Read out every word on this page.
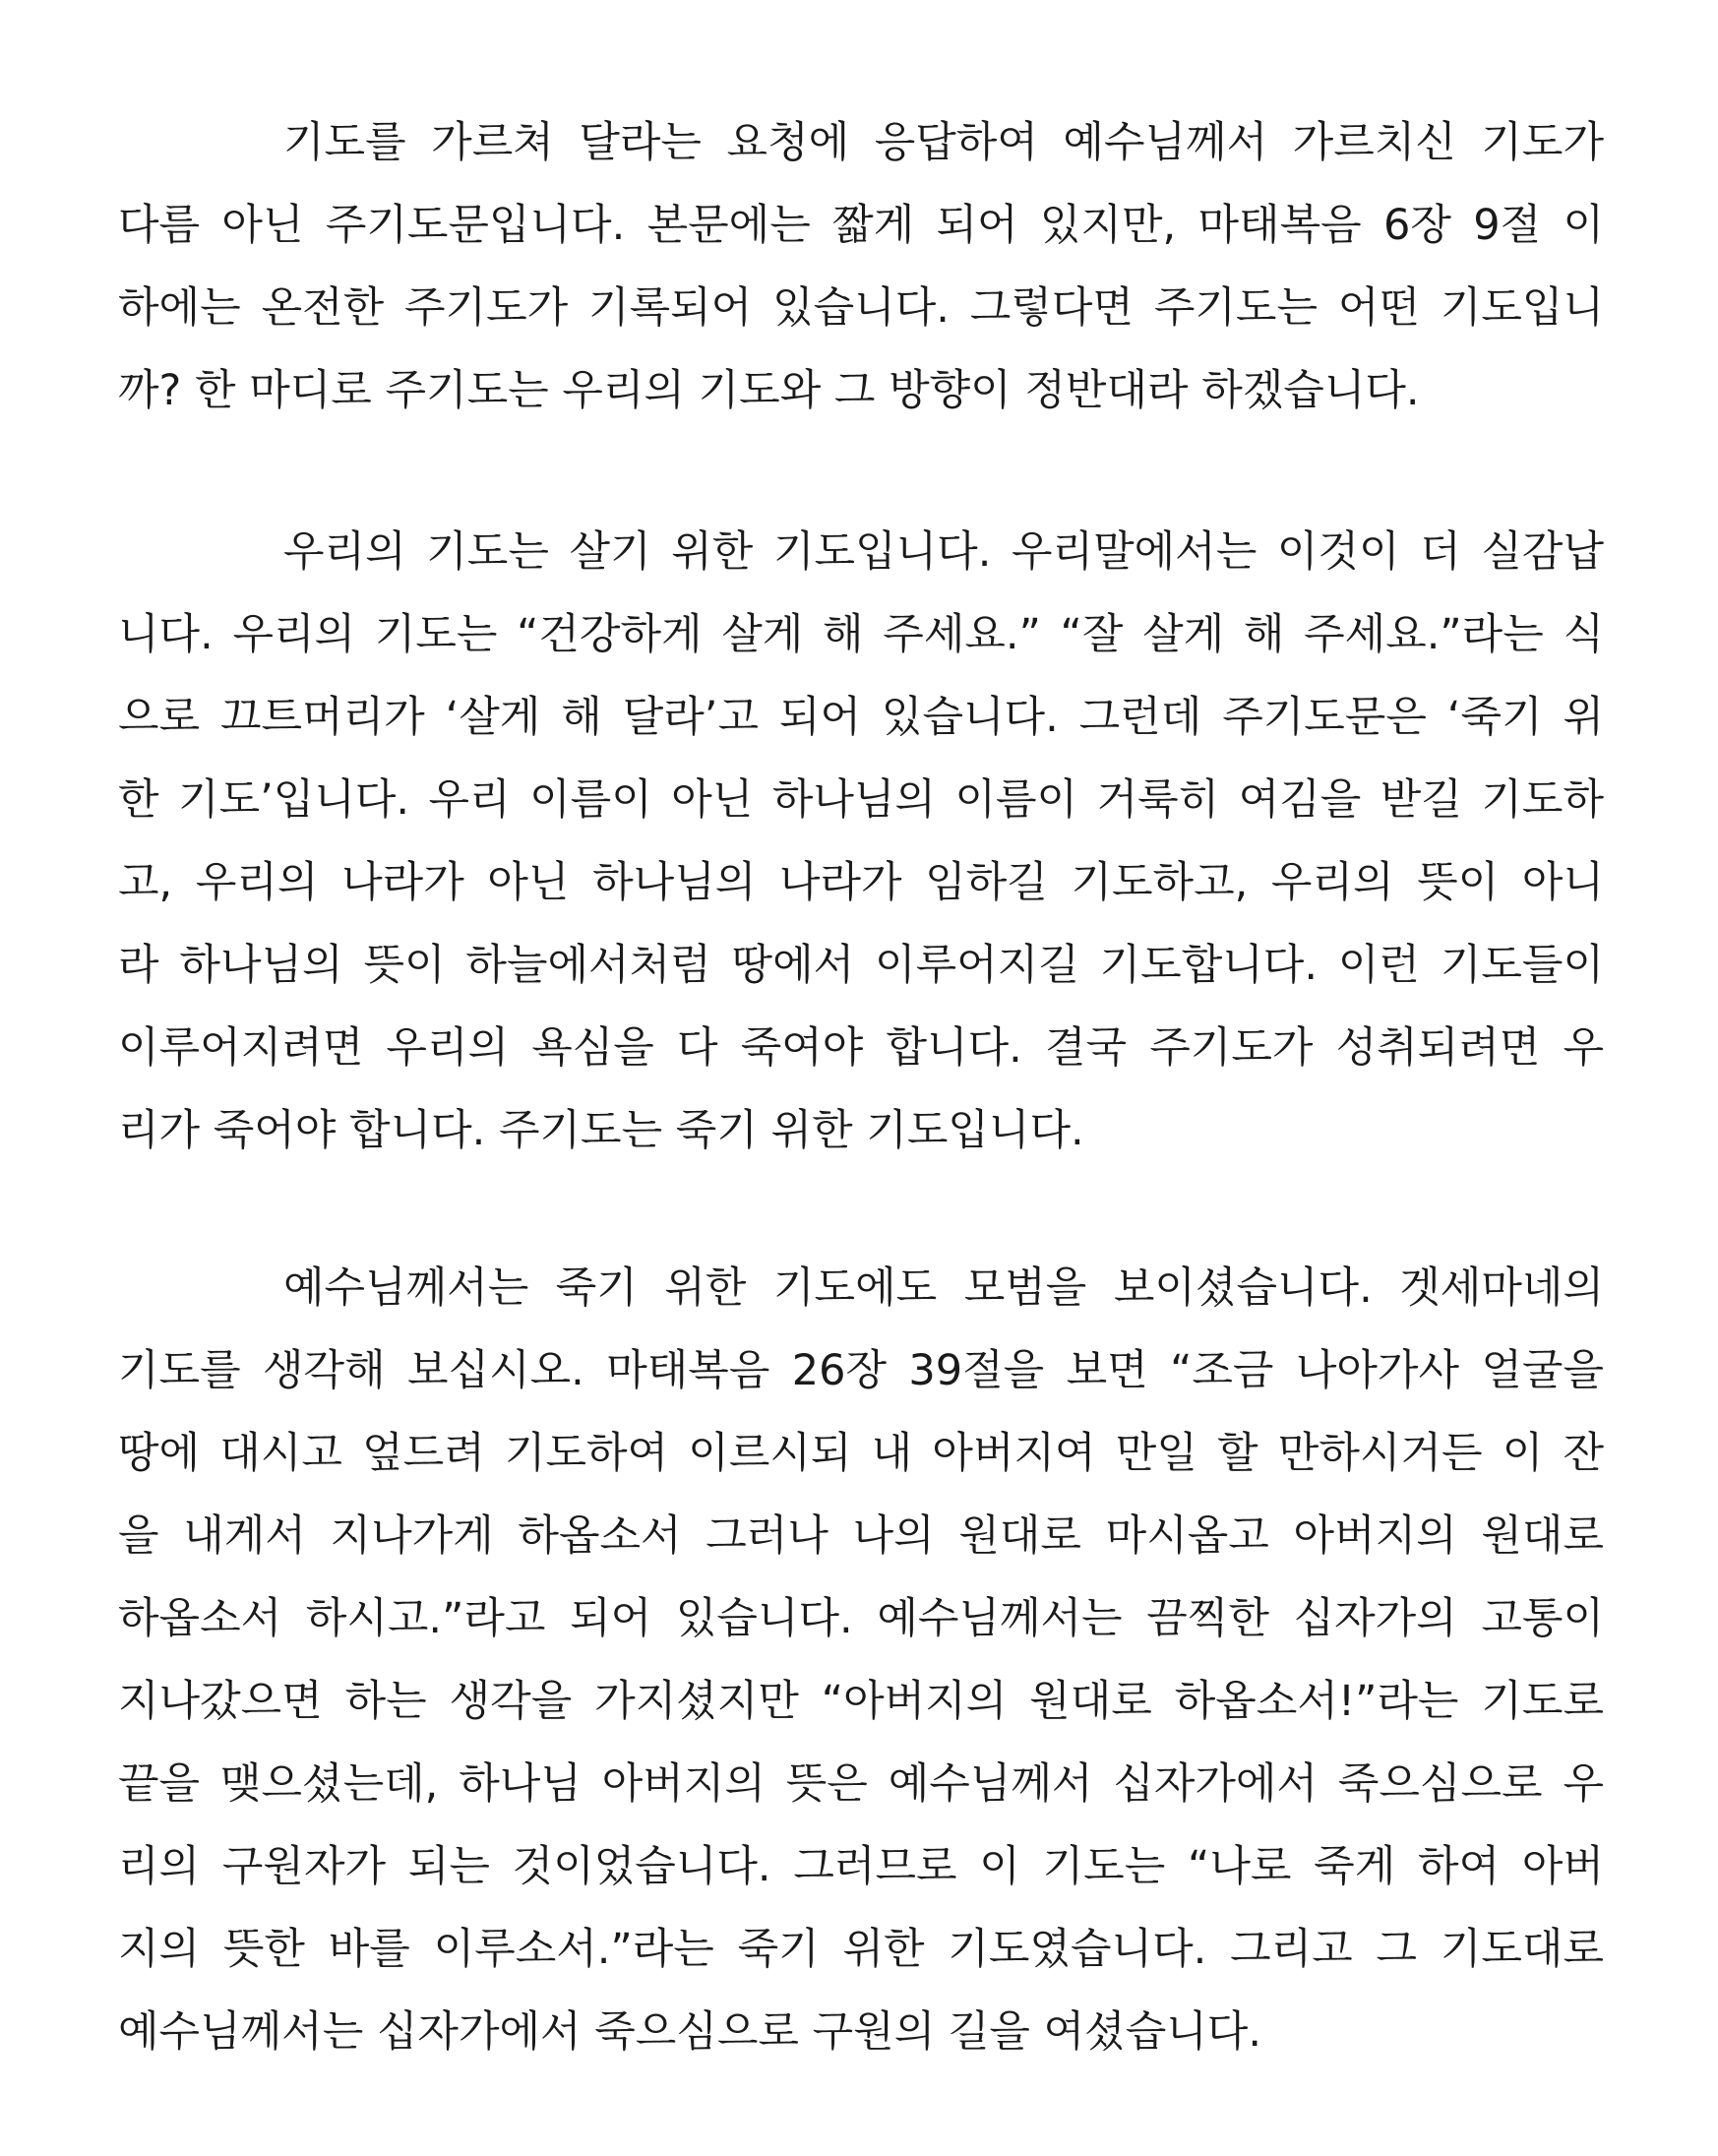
기도를 가르쳐 달라는 요청에 응답하여 예수님께서 가르치신 기도가
다름 아닌 주기도문입니다. 본문에는 짧게 되어 있지만, 마태복음 6장 9절 이
하에는 온전한 주기도가 기록되어 있습니다. 그렇다면 주기도는 어떤 기도입니
까? 한 마디로 주기도는 우리의 기도와 그 방향이 정반대라 하겠습니다.
우리의 기도는 살기 위한 기도입니다. 우리말에서는 이것이 더 실감납
니다. 우리의 기도는 “건강하게 살게 해 주세요.” “잘 살게 해 주세요.”라는 식
으로 끄트머리가 ‘살게 해 달라’고 되어 있습니다. 그런데 주기도문은 ‘죽기 위
한 기도’입니다. 우리 이름이 아닌 하나님의 이름이 거룩히 여김을 받길 기도하
고, 우리의 나라가 아닌 하나님의 나라가 임하길 기도하고, 우리의 뜻이 아니
라 하나님의 뜻이 하늘에서처럼 땅에서 이루어지길 기도합니다. 이런 기도들이
이루어지려면 우리의 욕심을 다 죽여야 합니다. 결국 주기도가 성취되려면 우
리가 죽어야 합니다. 주기도는 죽기 위한 기도입니다.
예수님께서는 죽기 위한 기도에도 모범을 보이셨습니다. 겟세마네의
기도를 생각해 보십시오. 마태복음 26장 39절을 보면 “조금 나아가사 얼굴을
땅에 대시고 엎드려 기도하여 이르시되 내 아버지여 만일 할 만하시거든 이 잔
을 내게서 지나가게 하옵소서 그러나 나의 원대로 마시옵고 아버지의 원대로
하옵소서 하시고.”라고 되어 있습니다. 예수님께서는 끔찍한 십자가의 고통이
지나갔으면 하는 생각을 가지셨지만 “아버지의 원대로 하옵소서!”라는 기도로
끝을 맺으셨는데, 하나님 아버지의 뜻은 예수님께서 십자가에서 죽으심으로 우
리의 구원자가 되는 것이었습니다. 그러므로 이 기도는 “나로 죽게 하여 아버
지의 뜻한 바를 이루소서.”라는 죽기 위한 기도였습니다. 그리고 그 기도대로
예수님께서는 십자가에서 죽으심으로 구원의 길을 여셨습니다.
